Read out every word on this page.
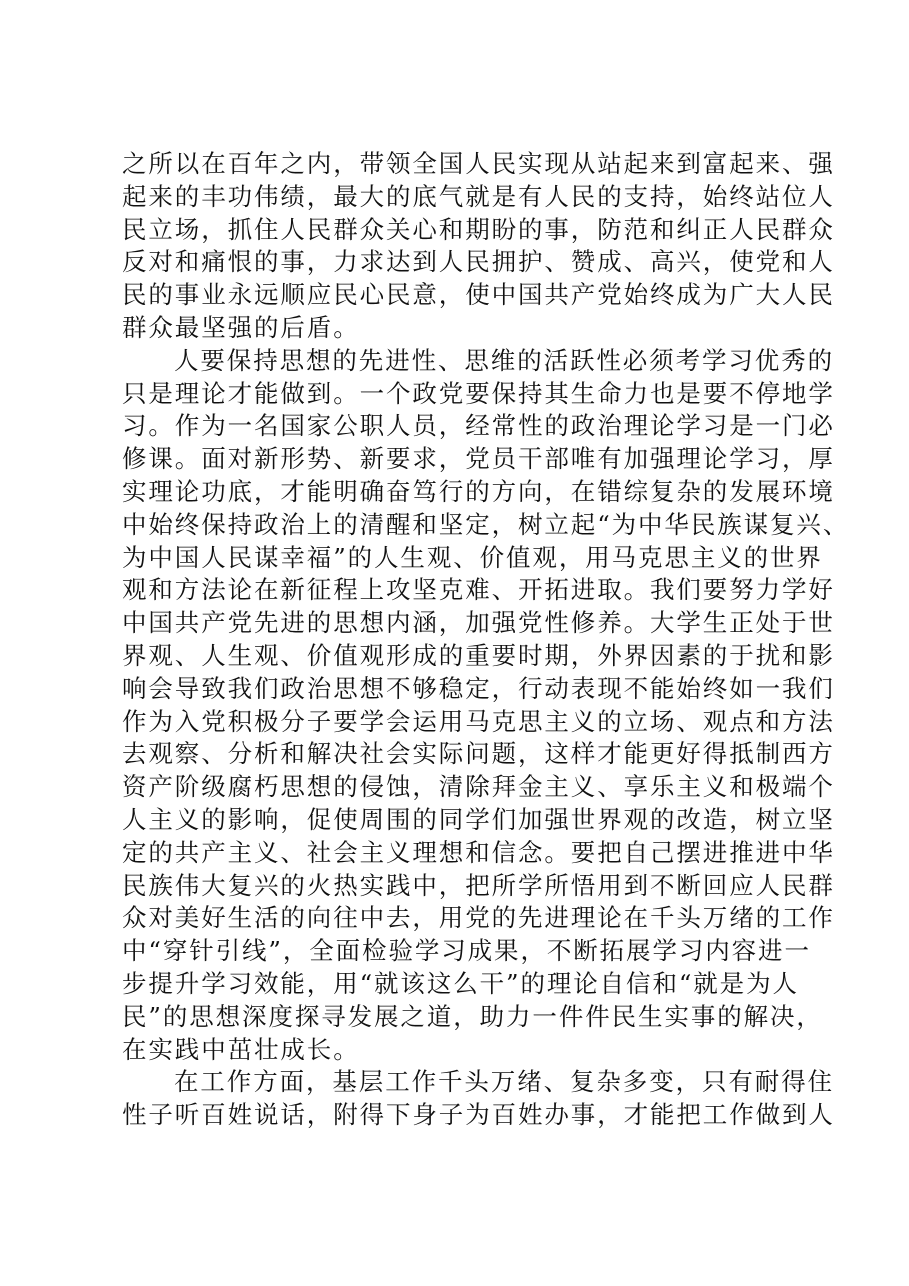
之所以在百年之内，带领全国人民实现从站起来到富起来、强
起来的丰功伟绩，最大的底气就是有人民的支持，始终站位人
民立场，抓住人民群众关心和期盼的事，防范和纠正人民群众
反对和痛恨的事，力求达到人民拥护、赞成、高兴，使党和人
民的事业永远顺应民心民意，使中国共产党始终成为广大人民
群众最坚强的后盾。
人要保持思想的先进性、思维的活跃性必须考学习优秀的
只是理论才能做到。一个政党要保持其生命力也是要不停地学
习。作为一名国家公职人员，经常性的政治理论学习是一门必
修课。面对新形势、新要求，党员干部唯有加强理论学习，厚
实理论功底，才能明确奋笃行的方向，在错综复杂的发展环境
中始终保持政治上的清醒和坚定，树立起“为中华民族谋复兴、
为中国人民谋幸福”的人生观、价值观，用马克思主义的世界
观和方法论在新征程上攻坚克难、开拓进取。我们要努力学好
中国共产党先进的思想内涵，加强党性修养。大学生正处于世
界观、人生观、价值观形成的重要时期，外界因素的于扰和影
响会导致我们政治思想不够稳定，行动表现不能始终如一我们
作为入党积极分子要学会运用马克思主义的立场、观点和方法
去观察、分析和解决社会实际问题，这样才能更好得抵制西方
资产阶级腐朽思想的侵蚀，清除拜金主义、享乐主义和极端个
人主义的影响，促使周围的同学们加强世界观的改造，树立坚
定的共产主义、社会主义理想和信念。要把自己摆进推进中华
民族伟大复兴的火热实践中，把所学所悟用到不断回应人民群
众对美好生活的向往中去，用党的先进理论在千头万绪的工作
中“穿针引线”，全面检验学习成果，不断拓展学习内容进一
步提升学习效能，用“就该这么干”的理论自信和“就是为人
民”的思想深度探寻发展之道，助力一件件民生实事的解决，
在实践中茁壮成长。
在工作方面，基层工作千头万绪、复杂多变，只有耐得住
性子听百姓说话，附得下身子为百姓办事，才能把工作做到人
